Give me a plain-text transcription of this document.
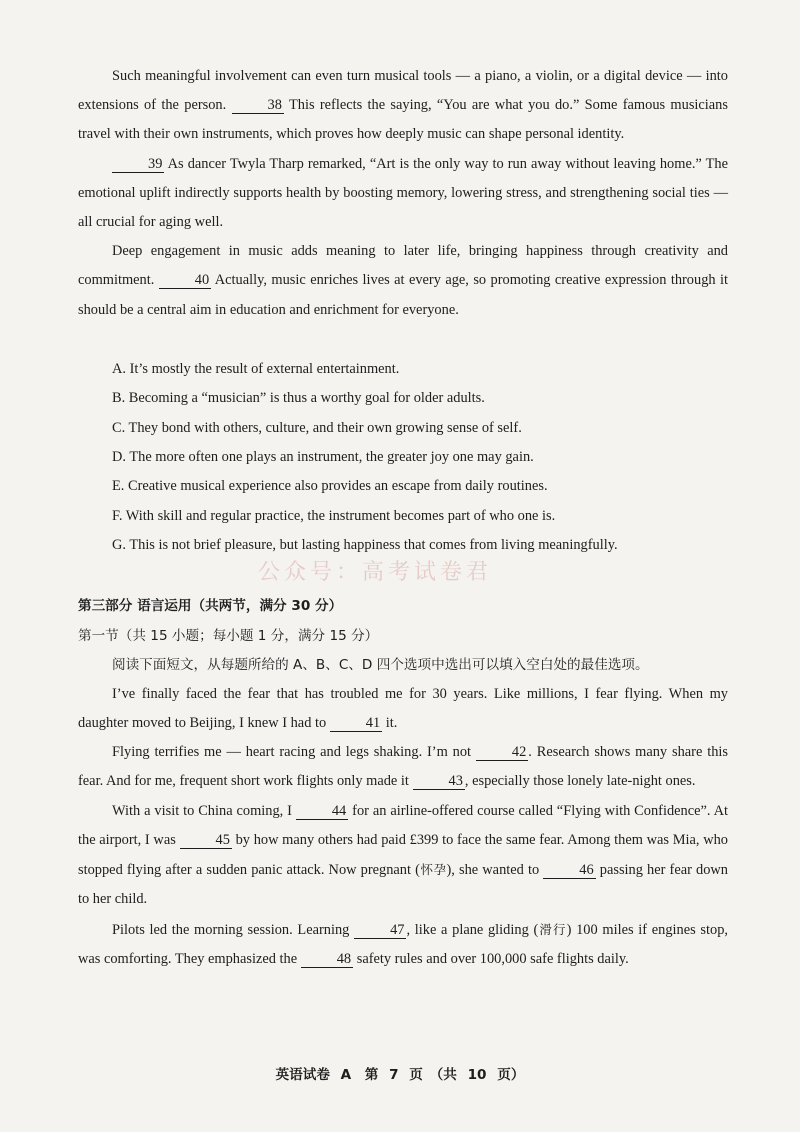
公众号：高考试卷君

Such meaningful involvement can even turn musical tools — a piano, a violin, or a digital device — into extensions of the person.	38 This reflects the saying, “You are what you do.” Some famous musicians travel with their own instruments, which proves how deeply music can shape personal identity.

39 As dancer Twyla Tharp remarked, “Art is the only way to run away without leaving home.” The emotional uplift indirectly supports health by boosting memory, lowering stress, and strengthening social ties — all crucial for aging well.

Deep engagement in music adds meaning to later life, bringing happiness through creativity and commitment.	40 Actually, music enriches lives at every age, so promoting creative expression through it should be a central aim in education and enrichment for everyone.

A. It’s mostly the result of external entertainment.
B. Becoming a “musician” is thus a worthy goal for older adults.
C. They bond with others, culture, and their own growing sense of self.
D. The more often one plays an instrument, the greater joy one may gain.
E. Creative musical experience also provides an escape from daily routines.
F. With skill and regular practice, the instrument becomes part of who one is.
G. This is not brief pleasure, but lasting happiness that comes from living meaningfully.
第三部分 语言运用（共两节，满分 30 分）
第一节（共 15 小题；每小题 1 分，满分 15 分）

阅读下面短文，从每题所给的 A、B、C、D 四个选项中选出可以填入空白处的最佳选项。

I’ve finally faced the fear that has troubled me for 30 years. Like millions, I fear flying. When my daughter moved to Beijing, I knew I had to	41 it.

Flying terrifies me — heart racing and legs shaking. I’m not	42 . Research shows many share this fear. And for me, frequent short work flights only made it	43 , especially those lonely late-night ones.

With a visit to China coming, I	44 for an airline-offered course called “Flying with Confidence”. At the airport, I was	45 by how many others had paid £399 to face the same fear. Among them was Mia, who stopped flying after a sudden panic attack. Now pregnant (怀孕), she wanted to	46 passing her fear down to her child.

Pilots led the morning session. Learning	47 , like a plane gliding (滑行) 100 miles if engines stop, was comforting. They emphasized the	48 safety rules and over 100,000 safe flights daily.

英语试卷 A　第 7 页　（共 10 页）
